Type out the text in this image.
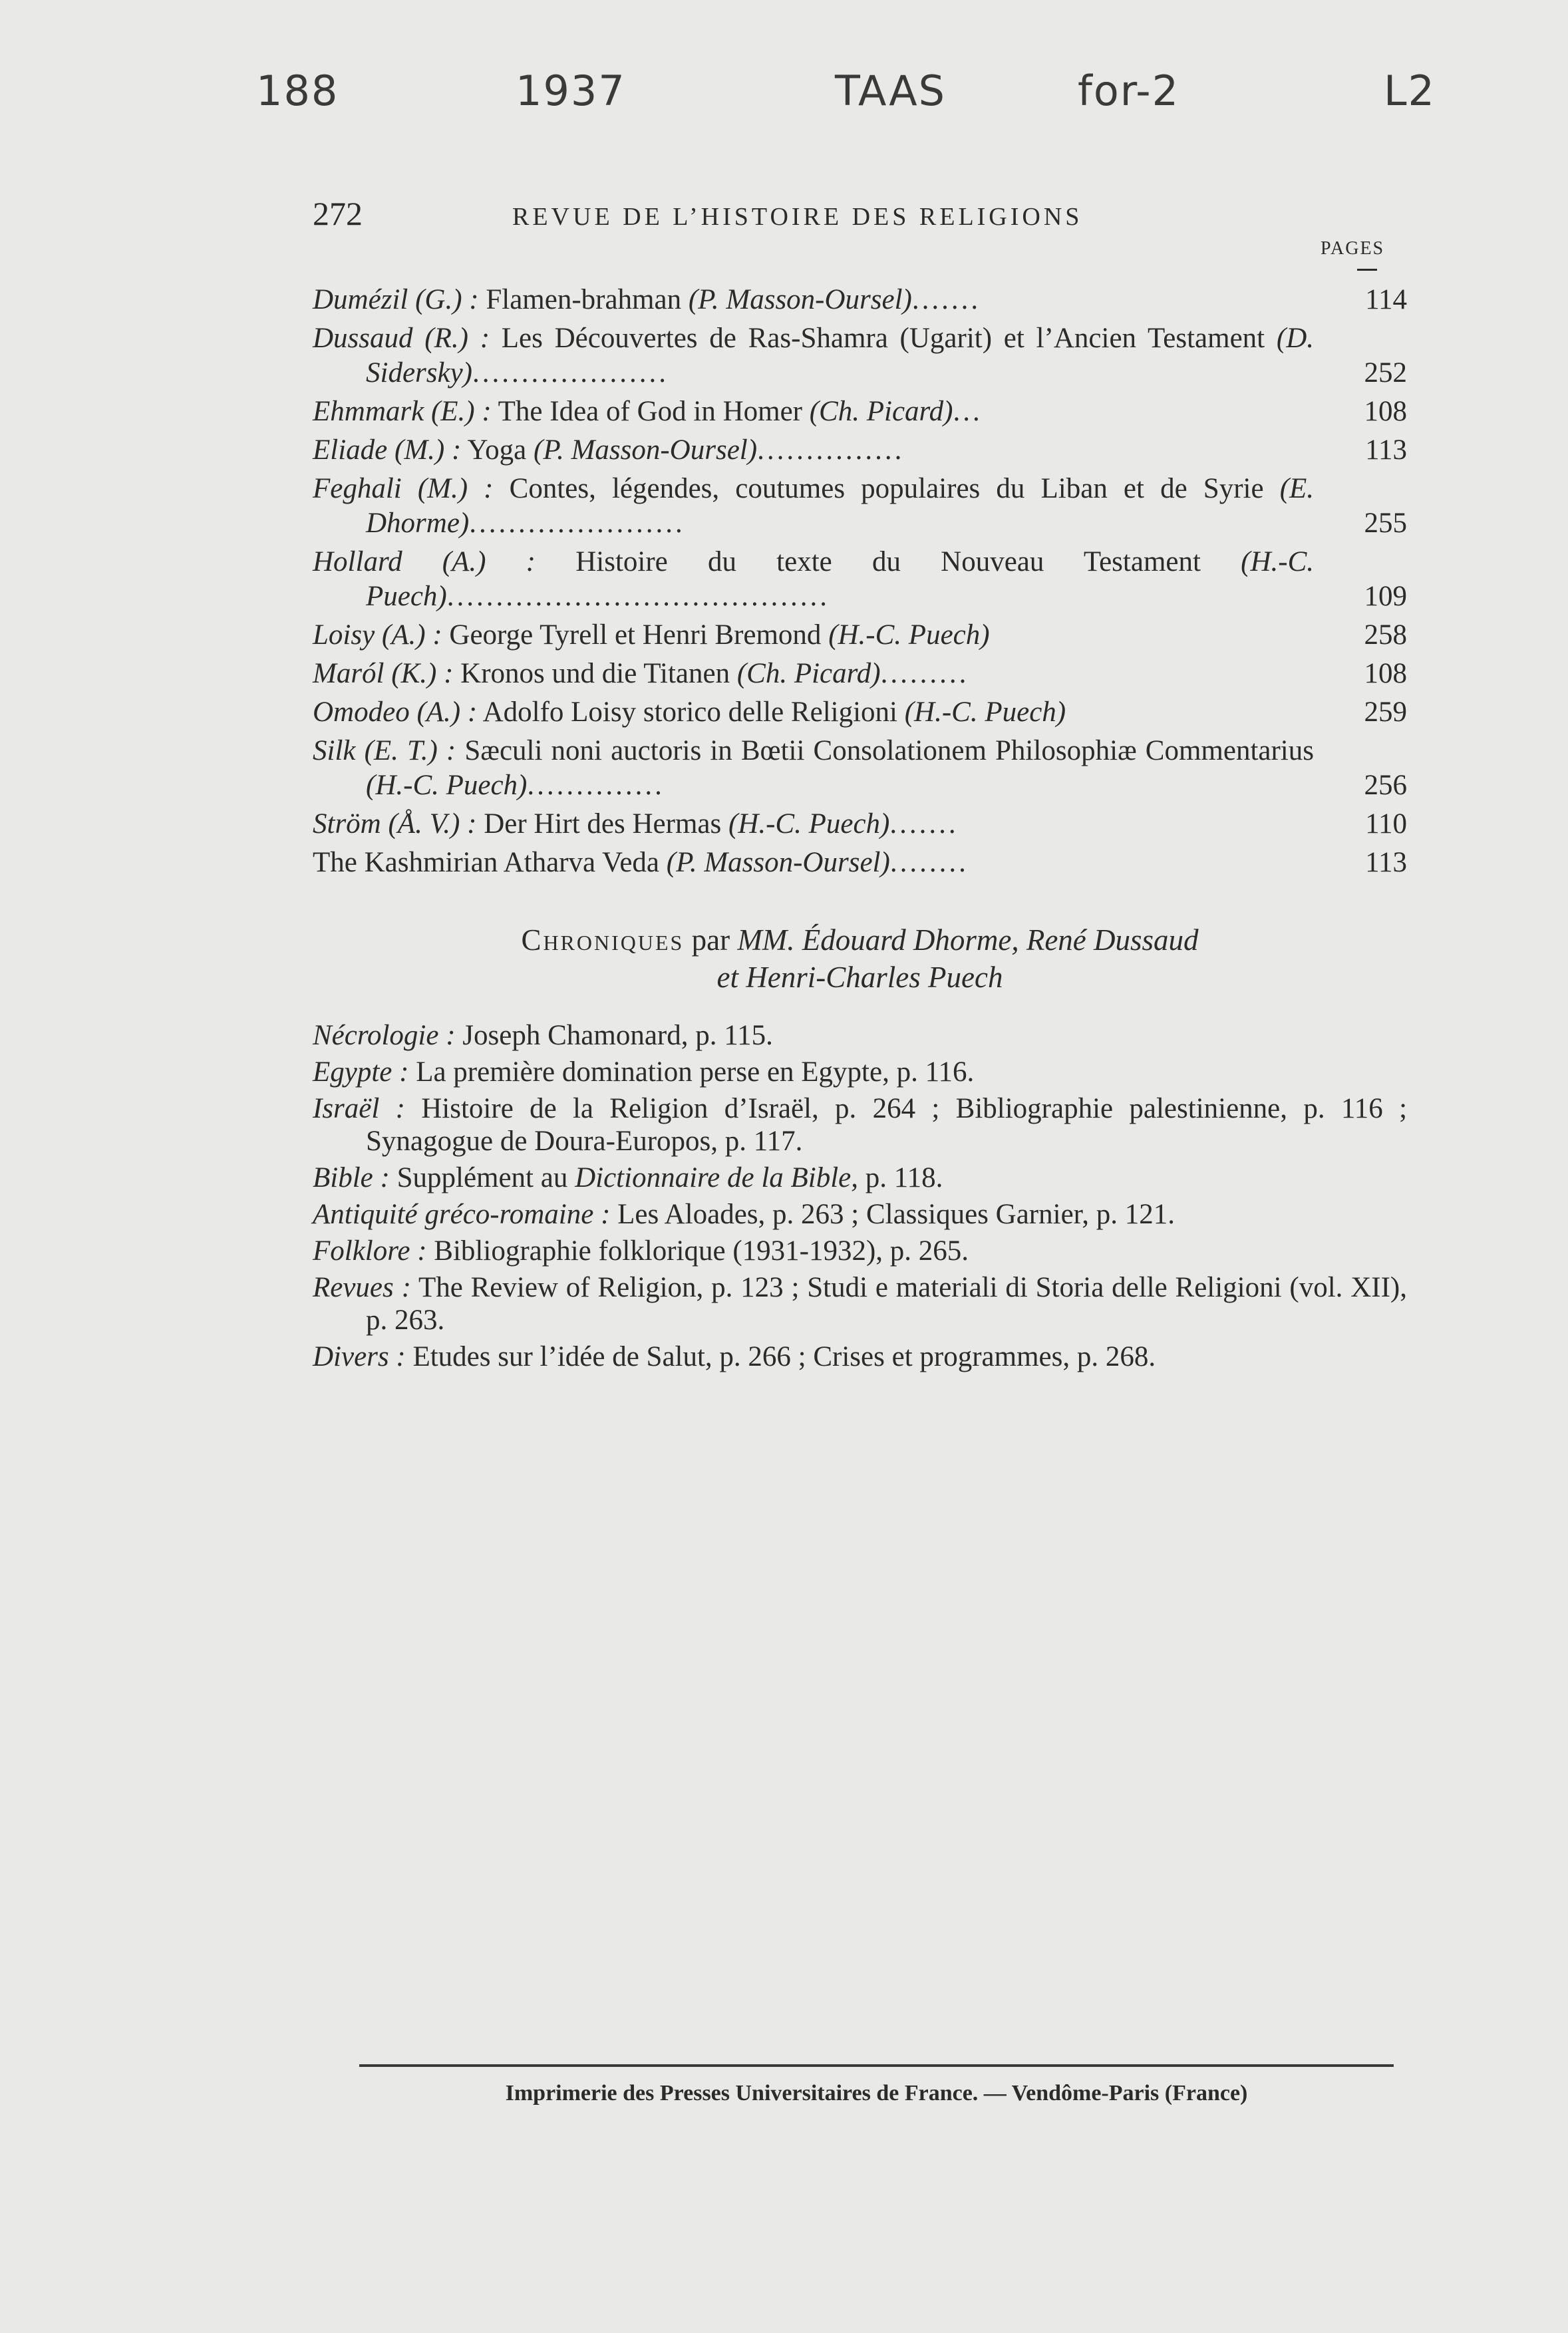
188	1937	TAAS	for-2	L2
272	REVUE DE L’HISTOIRE DES RELIGIONS
PAGES
Dumézil (G.) : Flamen-brahman (P. Masson-Oursel).......	114
Dussaud (R.) : Les Découvertes de Ras-Shamra (Ugarit) et l’Ancien Testament (D. Sidersky)....................	252
Ehmmark (E.) : The Idea of God in Homer (Ch. Picard)...	108
Eliade (M.) : Yoga (P. Masson-Oursel)...............	113
Feghali (M.) : Contes, légendes, coutumes populaires du Liban et de Syrie (E. Dhorme)......................	255
Hollard (A.) : Histoire du texte du Nouveau Testament (H.-C. Puech).......................................	109
Loisy (A.) : George Tyrell et Henri Bremond (H.-C. Puech)	258
Maról (K.) : Kronos und die Titanen (Ch. Picard).........	108
Omodeo (A.) : Adolfo Loisy storico delle Religioni (H.-C. Puech)	259
Silk (E. T.) : Sæculi noni auctoris in Bœtii Consolationem Philosophiæ Commentarius (H.-C. Puech)..............	256
Ström (Å. V.) : Der Hirt des Hermas (H.-C. Puech).......	110
The Kashmirian Atharva Veda (P. Masson-Oursel)........	113
Chroniques par MM. Édouard Dhorme, René Dussaud
et Henri-Charles Puech
Nécrologie : Joseph Chamonard, p. 115.
Egypte : La première domination perse en Egypte, p. 116.
Israël : Histoire de la Religion d’Israël, p. 264 ; Bibliographie palestinienne, p. 116 ; Synagogue de Doura-Europos, p. 117.
Bible : Supplément au Dictionnaire de la Bible, p. 118.
Antiquité gréco-romaine : Les Aloades, p. 263 ; Classiques Garnier, p. 121.
Folklore : Bibliographie folklorique (1931-1932), p. 265.
Revues : The Review of Religion, p. 123 ; Studi e materiali di Storia delle Religioni (vol. XII), p. 263.
Divers : Etudes sur l’idée de Salut, p. 266 ; Crises et programmes, p. 268.
Imprimerie des Presses Universitaires de France. — Vendôme-Paris (France)
